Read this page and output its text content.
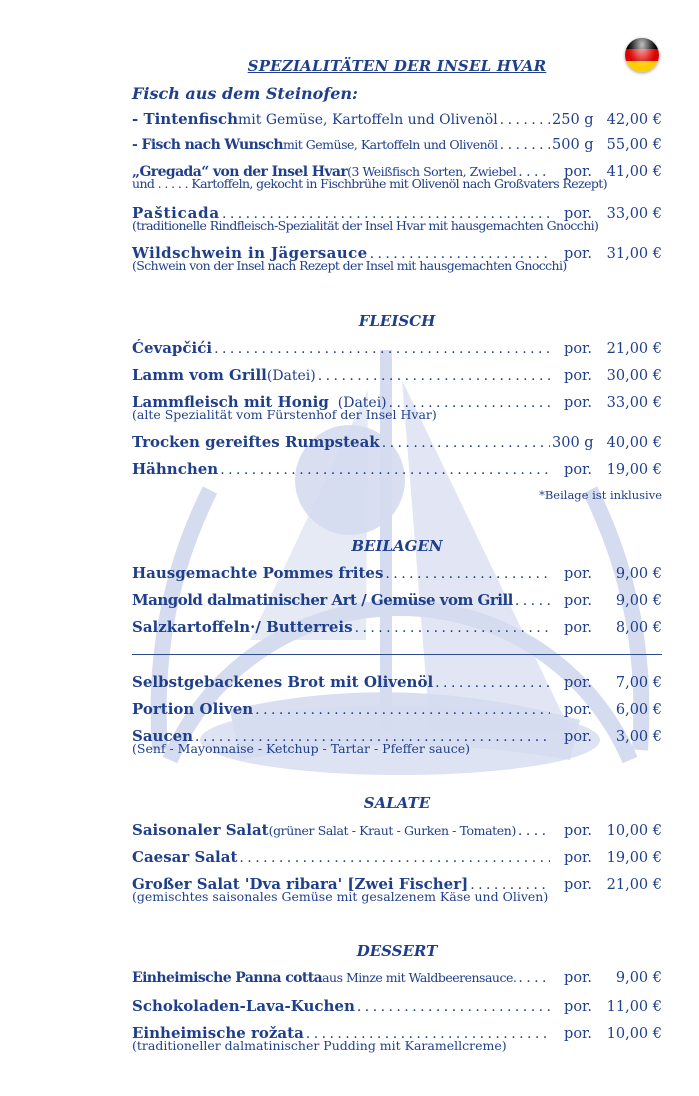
SPEZIALITÄTEN DER INSEL HVAR
Fisch aus dem Steinofen:
- Tintenfisch mit Gemüse, Kartoffeln und Olivenöl . . .	250 g 42,00 €
- Fisch nach Wunsch mit Gemüse, Kartoffeln und Olivenöl . . .	500 g 55,00 €
„Gregada“ von der Insel Hvar (3 Weißfisch Sorten, Zwiebel . . .	por.	41,00 €
und . . . . . Kartoffeln, gekocht in Fischbrühe mit Olivenöl nach Großvaters Rezept)
Pašticada . . .	por.	33,00 €
(traditionelle Rindfleisch-Spezialität der Insel Hvar mit hausgemachten Gnocchi)
Wildschwein in Jägersauce . . .	por.	31,00 €
(Schwein von der Insel nach Rezept der Insel mit hausgemachten Gnocchi)
FLEISCH
Ćevapčići . . .	por.	21,00 €
Lamm vom Grill (Datei) . . .	por.	30,00 €
Lammfleisch mit Honig (Datei) . . .	por.	33,00 €
(alte Spezialität vom Fürstenhof der Insel Hvar)
Trocken gereiftes Rumpsteak . . .	300 g 40,00 €
Hähnchen . . .	por.	19,00 €
*Beilage ist inklusive
BEILAGEN
Hausgemachte Pommes frites . . .	por.	9,00 €
Mangold dalmatinischer Art / Gemüse vom Grill . . .	por.	9,00 €
Salzkartoffeln·/ Butterreis . . .	por.	8,00 €
Selbstgebackenes Brot mit Olivenöl . . .	por.	7,00 €
Portion Oliven . . .	por.	6,00 €
Saucen . . .	por.	3,00 €
(Senf - Mayonnaise - Ketchup - Tartar - Pfeffer sauce)
SALATE
Saisonaler Salat (grüner Salat - Kraut - Gurken - Tomaten) . . .	por.	10,00 €
Caesar Salat . . .	por.	19,00 €
Großer Salat 'Dva ribara' [Zwei Fischer] . . .	por.	21,00 €
(gemischtes saisonales Gemüse mit gesalzenem Käse und Oliven)
DESSERT
Einheimische Panna cotta aus Minze mit Waldbeerensauce. . . .	por.	9,00 €
Schokoladen-Lava-Kuchen . . .	por.	11,00 €
Einheimische rožata . . .	por.	10,00 €
(traditioneller dalmatinischer Pudding mit Karamellcreme)
